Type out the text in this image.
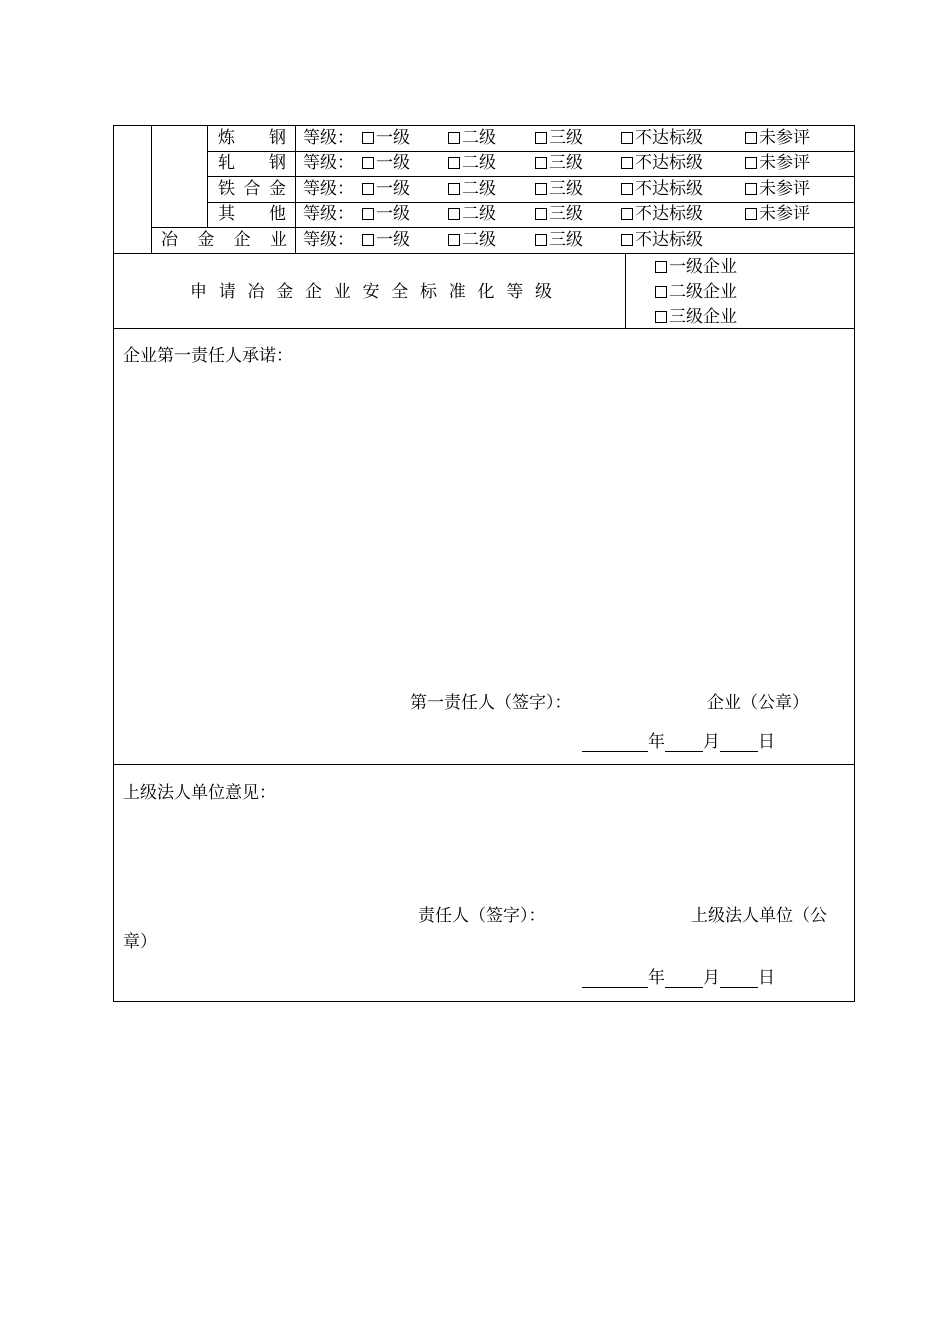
炼 钢 等级：	一级	二级	三级	不达标级	未参评
轧 钢 等级：	一级	二级	三级	不达标级	未参评
铁 合 金 等级：	一级	二级	三级	不达标级	未参评
其 他 等级：	一级	二级	三级	不达标级	未参评
冶 金 企 业 等级：	一级	二级	三级	不达标级
申 请 冶 金 企 业 安 全 标 准 化 等 级
一级企业
二级企业
三级企业
企业第一责任人承诺：
第一责任人（签字）：	企业（公章）
年 月 日
上级法人单位意见：
责任人（签字）：	上级法人单位（公
章）
年 月 日
